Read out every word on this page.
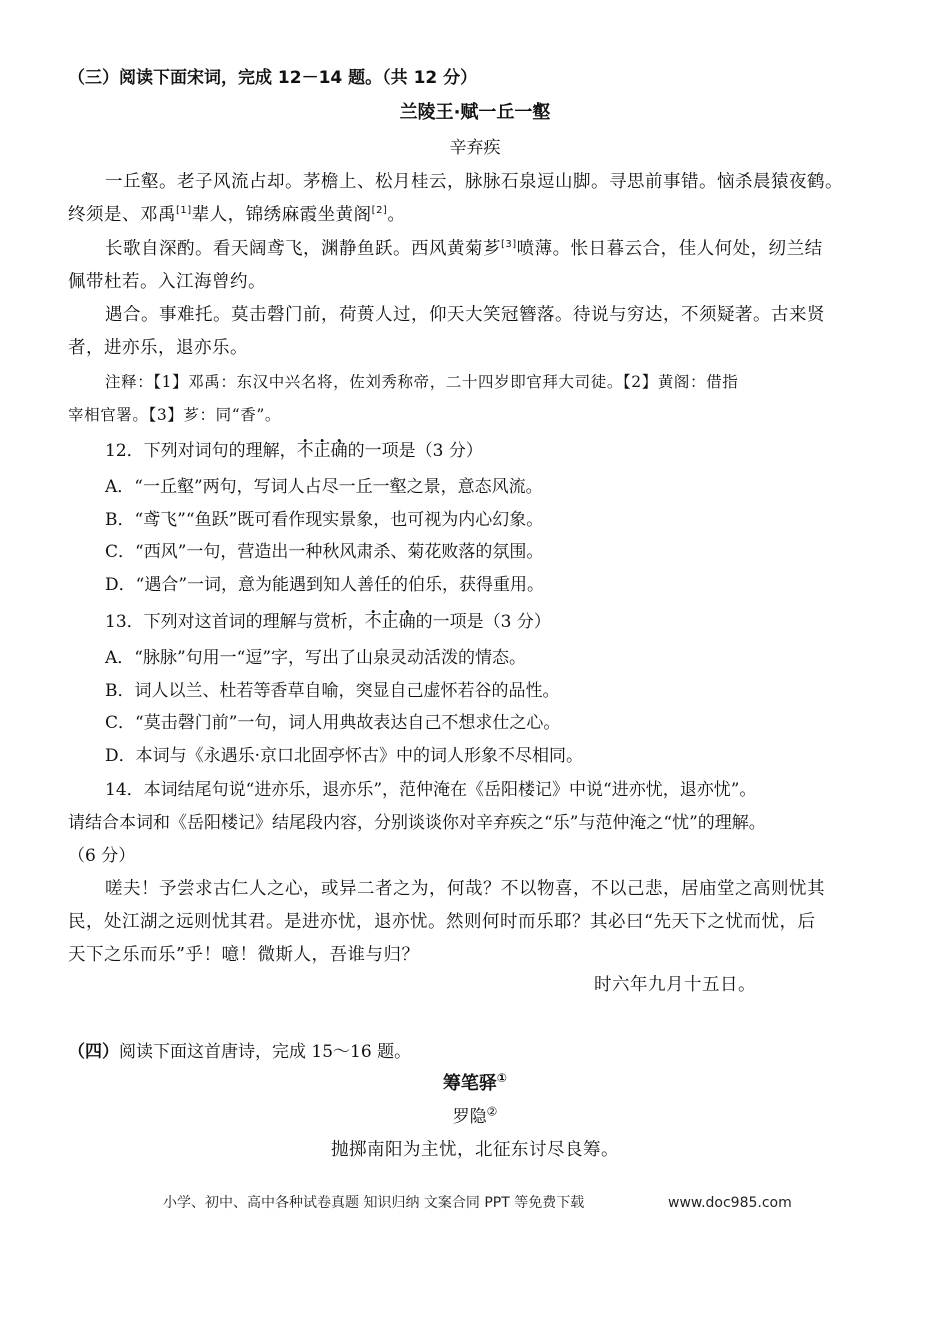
（三）阅读下面宋词，完成 12－14 题。（共 12 分）
兰陵王·赋一丘一壑
辛弃疾
一丘壑。老子风流占却。茅檐上、松月桂云，脉脉石泉逗山脚。寻思前事错。恼杀晨猿夜鹤。
终须是、邓禹[1]辈人，锦绣麻霞坐黄阁[2]。
长歌自深酌。看天阔鸢飞，渊静鱼跃。西风黄菊芗[3]喷薄。怅日暮云合，佳人何处，纫兰结
佩带杜若。入江海曾约。
遇合。事难托。莫击磬门前，荷蒉人过，仰天大笑冠簪落。待说与穷达，不须疑著。古来贤
者，进亦乐，退亦乐。
注释：【1】邓禹：东汉中兴名将，佐刘秀称帝，二十四岁即官拜大司徒。【2】黄阁：借指
宰相官署。【3】芗：同“香”。
12．下列对词句的理解，不正确的一项是（3 分）
A．“一丘壑”两句，写词人占尽一丘一壑之景，意态风流。
B．“鸢飞”“鱼跃”既可看作现实景象，也可视为内心幻象。
C．“西风”一句，营造出一种秋风肃杀、菊花败落的氛围。
D．“遇合”一词，意为能遇到知人善任的伯乐，获得重用。
13．下列对这首词的理解与赏析，不正确的一项是（3 分）
A．“脉脉”句用一“逗”字，写出了山泉灵动活泼的情态。
B．词人以兰、杜若等香草自喻，突显自己虚怀若谷的品性。
C．“莫击磬门前”一句，词人用典故表达自己不想求仕之心。
D．本词与《永遇乐·京口北固亭怀古》中的词人形象不尽相同。
14．本词结尾句说“进亦乐，退亦乐”，范仲淹在《岳阳楼记》中说“进亦忧，退亦忧”。
请结合本词和《岳阳楼记》结尾段内容，分别谈谈你对辛弃疾之“乐”与范仲淹之“忧”的理解。
（6 分）
嗟夫！予尝求古仁人之心，或异二者之为，何哉？不以物喜，不以己悲，居庙堂之高则忧其
民，处江湖之远则忧其君。是进亦忧，退亦忧。然则何时而乐耶？其必曰“先天下之忧而忧，后
天下之乐而乐”乎！噫！微斯人，吾谁与归？
时六年九月十五日。
（四）阅读下面这首唐诗，完成 15～16 题。
筹笔驿①
罗隐②
抛掷南阳为主忧，北征东讨尽良筹。
小学、初中、高中各种试卷真题 知识归纳 文案合同 PPT 等免费下载	www.doc985.com
